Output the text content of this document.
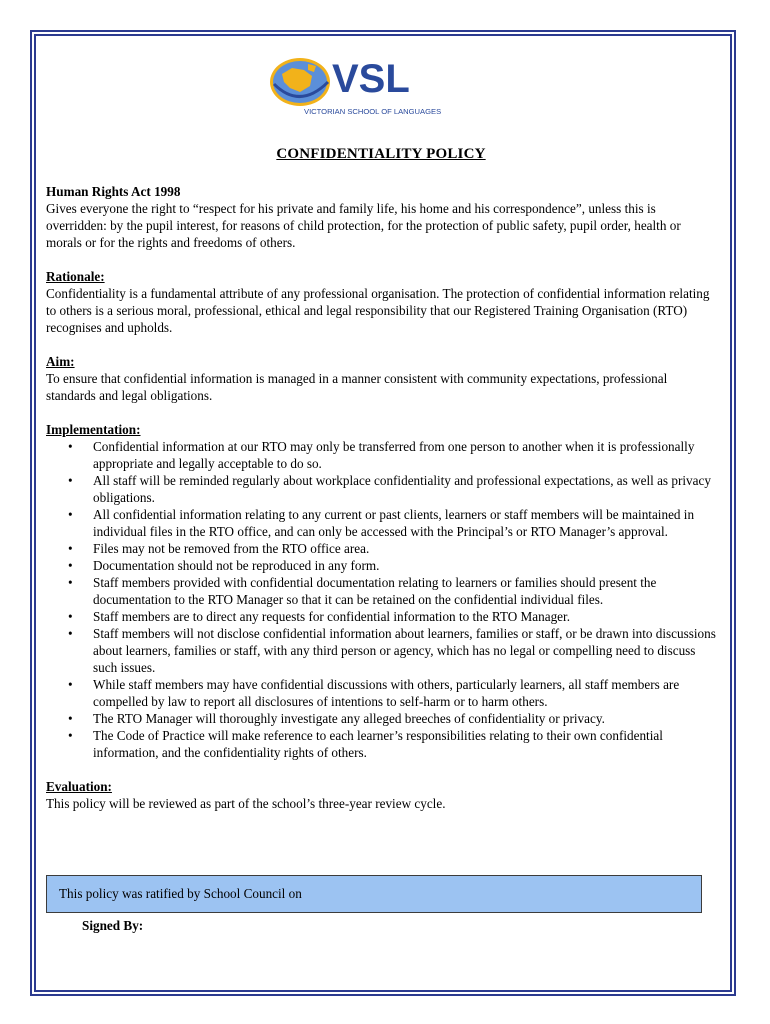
VSL
VICTORIAN SCHOOL OF LANGUAGES
CONFIDENTIALITY POLICY

Human Rights Act 1998

Gives everyone the right to “respect for his private and family life, his home and his correspondence”, unless this is overridden: by the pupil interest, for reasons of child protection, for the protection of public safety, pupil order, health or morals or for the rights and freedoms of others.

Rationale:

Confidentiality is a fundamental attribute of any professional organisation. The protection of confidential information relating to others is a serious moral, professional, ethical and legal responsibility that our Registered Training Organisation (RTO) recognises and upholds.

Aim:

To ensure that confidential information is managed in a manner consistent with community expectations, professional standards and legal obligations.

Implementation:

• Confidential information at our RTO may only be transferred from one person to another when it is professionally appropriate and legally acceptable to do so.
• All staff will be reminded regularly about workplace confidentiality and professional expectations, as well as privacy obligations.
• All confidential information relating to any current or past clients, learners or staff members will be maintained in individual files in the RTO office, and can only be accessed with the Principal’s or RTO Manager’s approval.
• Files may not be removed from the RTO office area.
• Documentation should not be reproduced in any form.
• Staff members provided with confidential documentation relating to learners or families should present the documentation to the RTO Manager so that it can be retained on the confidential individual files.
• Staff members are to direct any requests for confidential information to the RTO Manager.
• Staff members will not disclose confidential information about learners, families or staff, or be drawn into discussions about learners, families or staff, with any third person or agency, which has no legal or compelling need to discuss such issues.
• While staff members may have confidential discussions with others, particularly learners, all staff members are compelled by law to report all disclosures of intentions to self-harm or to harm others.
• The RTO Manager will thoroughly investigate any alleged breeches of confidentiality or privacy.
• The Code of Practice will make reference to each learner’s responsibilities relating to their own confidential information, and the confidentiality rights of others.

Evaluation:

This policy will be reviewed as part of the school’s three-year review cycle.

This policy was ratified by School Council on
Signed By:
